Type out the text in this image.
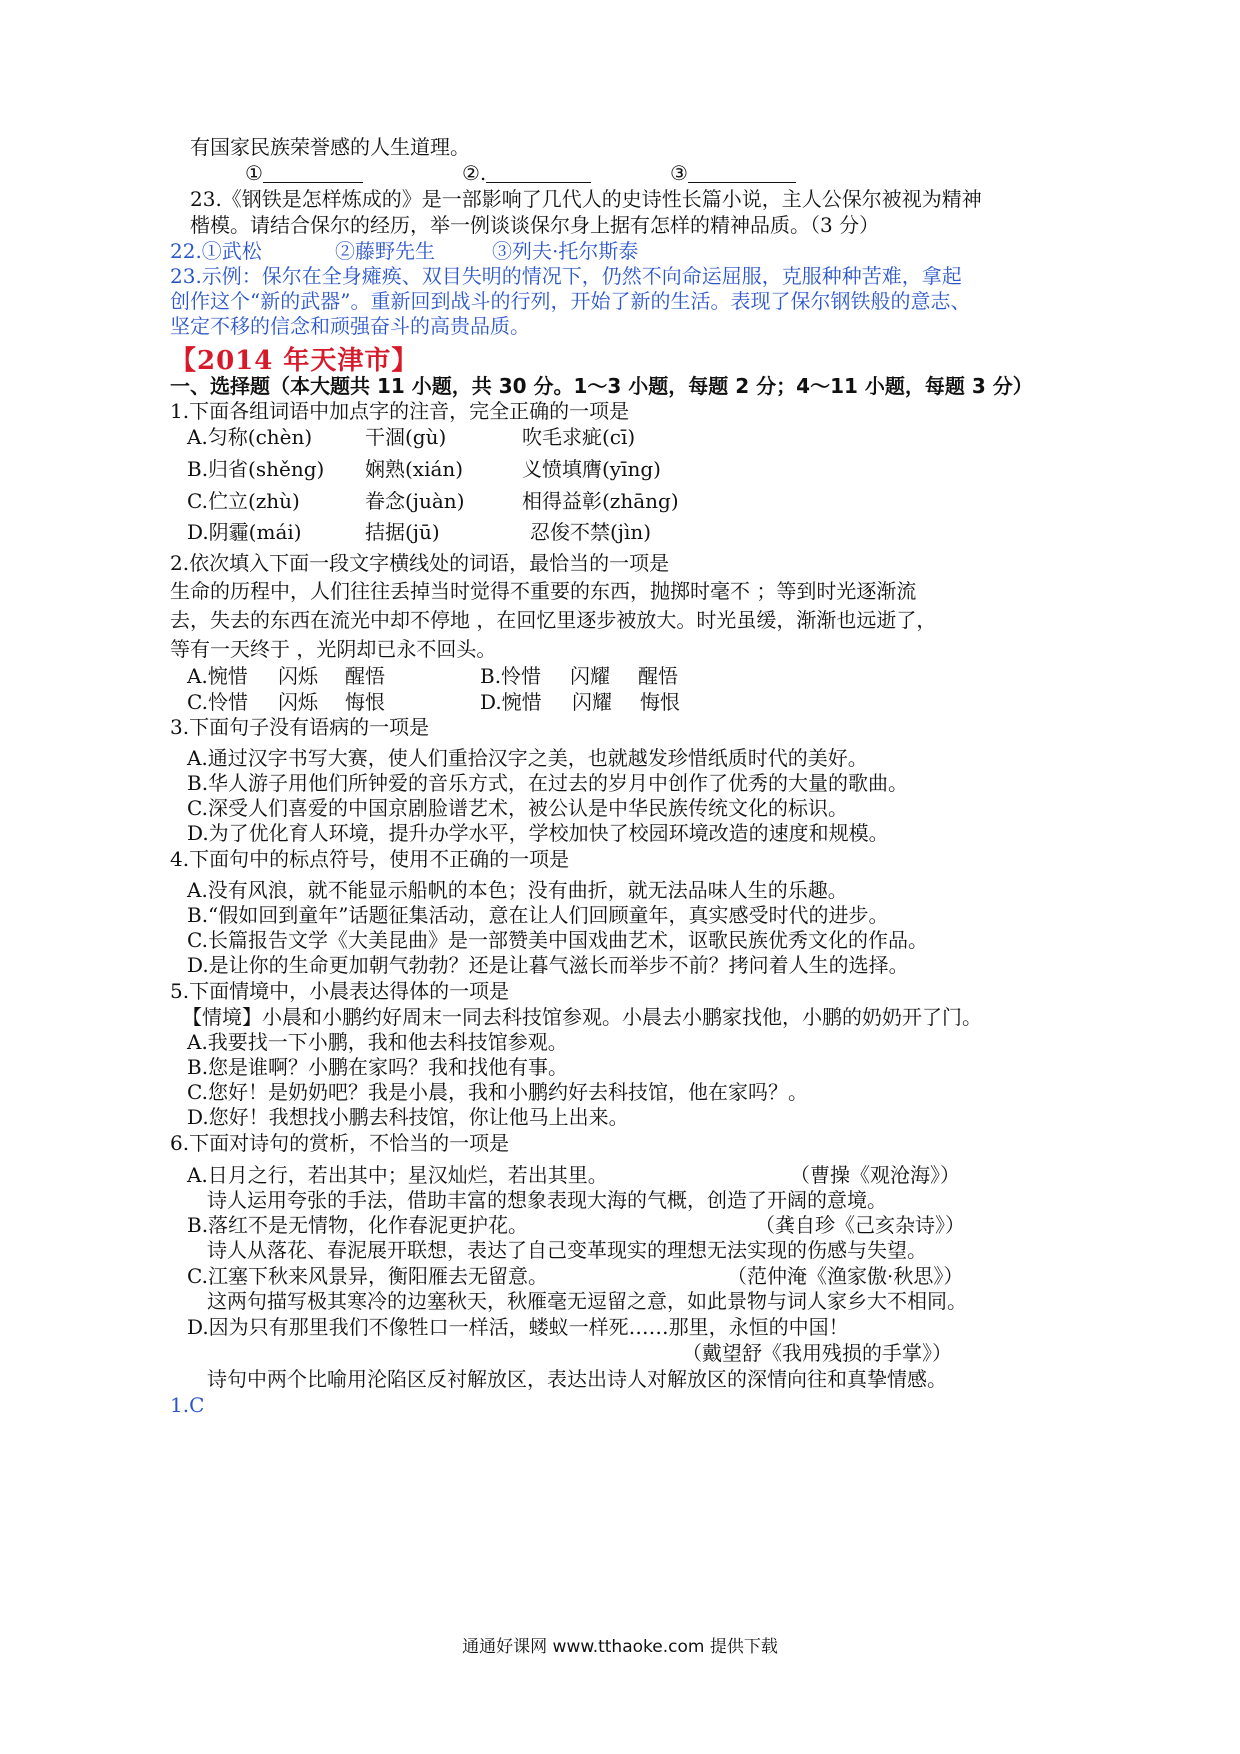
有国家民族荣誉感的人生道理。
①	②.	③
23.《钢铁是怎样炼成的》是一部影响了几代人的史诗性长篇小说，主人公保尔被视为精神
楷模。请结合保尔的经历，举一例谈谈保尔身上据有怎样的精神品质。（3 分）
22.①武松	②藤野先生	③列夫·托尔斯泰
23.示例：保尔在全身瘫痪、双目失明的情况下，仍然不向命运屈服，克服种种苦难，拿起
创作这个“新的武器”。重新回到战斗的行列，开始了新的生活。表现了保尔钢铁般的意志、
坚定不移的信念和顽强奋斗的高贵品质。
【2014 年天津市】
一、选择题（本大题共 11 小题，共 30 分。1～3 小题，每题 2 分；4～11 小题，每题 3 分）
1.下面各组词语中加点字的注音，完全正确的一项是
A.匀称(chèn)	干涸(gù)	吹毛求疵(cī)
B.归省(shěng) 娴熟(xián)	义愤填膺(yīng)
C.伫立(zhù)	眷念(juàn)	相得益彰(zhāng)
D.阴霾(mái)	拮据(jū)	忍俊不禁(jìn)
2.依次填入下面一段文字横线处的词语，最恰当的一项是
生命的历程中，人们往往丢掉当时觉得不重要的东西，抛掷时毫不 ；等到时光逐渐流
去，失去的东西在流光中却不停地 ，在回忆里逐步被放大。时光虽缓，渐渐也远逝了，
等有一天终于 ，光阴却已永不回头。
A.惋惜 闪烁 醒悟	B.怜惜 闪耀 醒悟
C.怜惜 闪烁 悔恨	D.惋惜 闪耀 悔恨
3.下面句子没有语病的一项是
A.通过汉字书写大赛，使人们重拾汉字之美，也就越发珍惜纸质时代的美好。
B.华人游子用他们所钟爱的音乐方式，在过去的岁月中创作了优秀的大量的歌曲。
C.深受人们喜爱的中国京剧脸谱艺术，被公认是中华民族传统文化的标识。
D.为了优化育人环境，提升办学水平，学校加快了校园环境改造的速度和规模。
4.下面句中的标点符号，使用不正确的一项是
A.没有风浪，就不能显示船帆的本色；没有曲折，就无法品味人生的乐趣。
B.“假如回到童年”话题征集活动，意在让人们回顾童年，真实感受时代的进步。
C.长篇报告文学《大美昆曲》是一部赞美中国戏曲艺术，讴歌民族优秀文化的作品。
D.是让你的生命更加朝气勃勃？还是让暮气滋长而举步不前？拷问着人生的选择。
5.下面情境中，小晨表达得体的一项是
【情境】小晨和小鹏约好周末一同去科技馆参观。小晨去小鹏家找他，小鹏的奶奶开了门。
A.我要找一下小鹏，我和他去科技馆参观。
B.您是谁啊？小鹏在家吗？我和找他有事。
C.您好！是奶奶吧？我是小晨，我和小鹏约好去科技馆，他在家吗？。
D.您好！我想找小鹏去科技馆，你让他马上出来。
6.下面对诗句的赏析，不恰当的一项是
A.日月之行，若出其中；星汉灿烂，若出其里。	（曹操《观沧海》）
诗人运用夸张的手法，借助丰富的想象表现大海的气概，创造了开阔的意境。
B.落红不是无情物，化作春泥更护花。	（龚自珍《己亥杂诗》）
诗人从落花、春泥展开联想，表达了自己变革现实的理想无法实现的伤感与失望。
C.江塞下秋来风景异，衡阳雁去无留意。	（范仲淹《渔家傲·秋思》）
这两句描写极其寒冷的边塞秋天，秋雁毫无逗留之意，如此景物与词人家乡大不相同。
D.因为只有那里我们不像牲口一样活，蝼蚁一样死……那里，永恒的中国！
（戴望舒《我用残损的手掌》）
诗句中两个比喻用沦陷区反衬解放区，表达出诗人对解放区的深情向往和真挚情感。
1.C
通通好课网 www.tthaoke.com 提供下载
